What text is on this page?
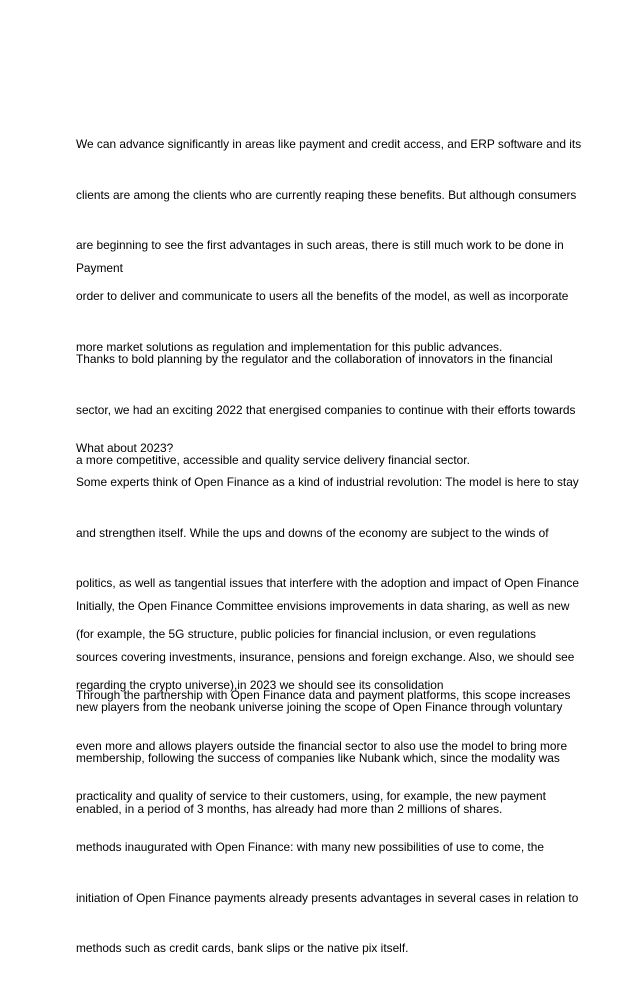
We can advance significantly in areas like payment and credit access, and ERP software and its

clients are among the clients who are currently reaping these benefits. But although consumers

are beginning to see the first advantages in such areas, there is still much work to be done in

order to deliver and communicate to users all the benefits of the model, as well as incorporate

more market solutions as regulation and implementation for this public advances.

Payment

Thanks to bold planning by the regulator and the collaboration of innovators in the financial

sector, we had an exciting 2022 that energised companies to continue with their efforts towards

a more competitive, accessible and quality service delivery financial sector.

What about 2023?

Some experts think of Open Finance as a kind of industrial revolution: The model is here to stay

and strengthen itself. While the ups and downs of the economy are subject to the winds of

politics, as well as tangential issues that interfere with the adoption and impact of Open Finance

(for example, the 5G structure, public policies for financial inclusion, or even regulations

regarding the crypto universe),in 2023 we should see its consolidation

Initially, the Open Finance Committee envisions improvements in data sharing, as well as new

sources covering investments, insurance, pensions and foreign exchange. Also, we should see

new players from the neobank universe joining the scope of Open Finance through voluntary

membership, following the success of companies like Nubank which, since the modality was

enabled, in a period of 3 months, has already had more than 2 millions of shares.

Through the partnership with Open Finance data and payment platforms, this scope increases

even more and allows players outside the financial sector to also use the model to bring more

practicality and quality of service to their customers, using, for example, the new payment

methods inaugurated with Open Finance: with many new possibilities of use to come, the

initiation of Open Finance payments already presents advantages in several cases in relation to

methods such as credit cards, bank slips or the native pix itself.
